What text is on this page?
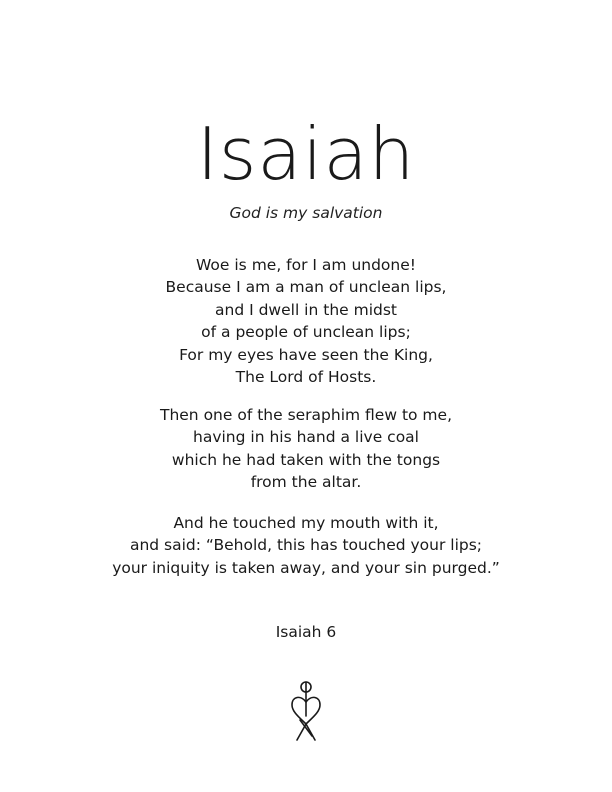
Isaiah
God is my salvation
Woe is me, for I am undone!
Because I am a man of unclean lips,
and I dwell in the midst
of a people of unclean lips;
For my eyes have seen the King,
The Lord of Hosts.
Then one of the seraphim flew to me,
having in his hand a live coal
which he had taken with the tongs
from the altar.
And he touched my mouth with it,
and said: “Behold, this has touched your lips;
your iniquity is taken away, and your sin purged.”
Isaiah 6
